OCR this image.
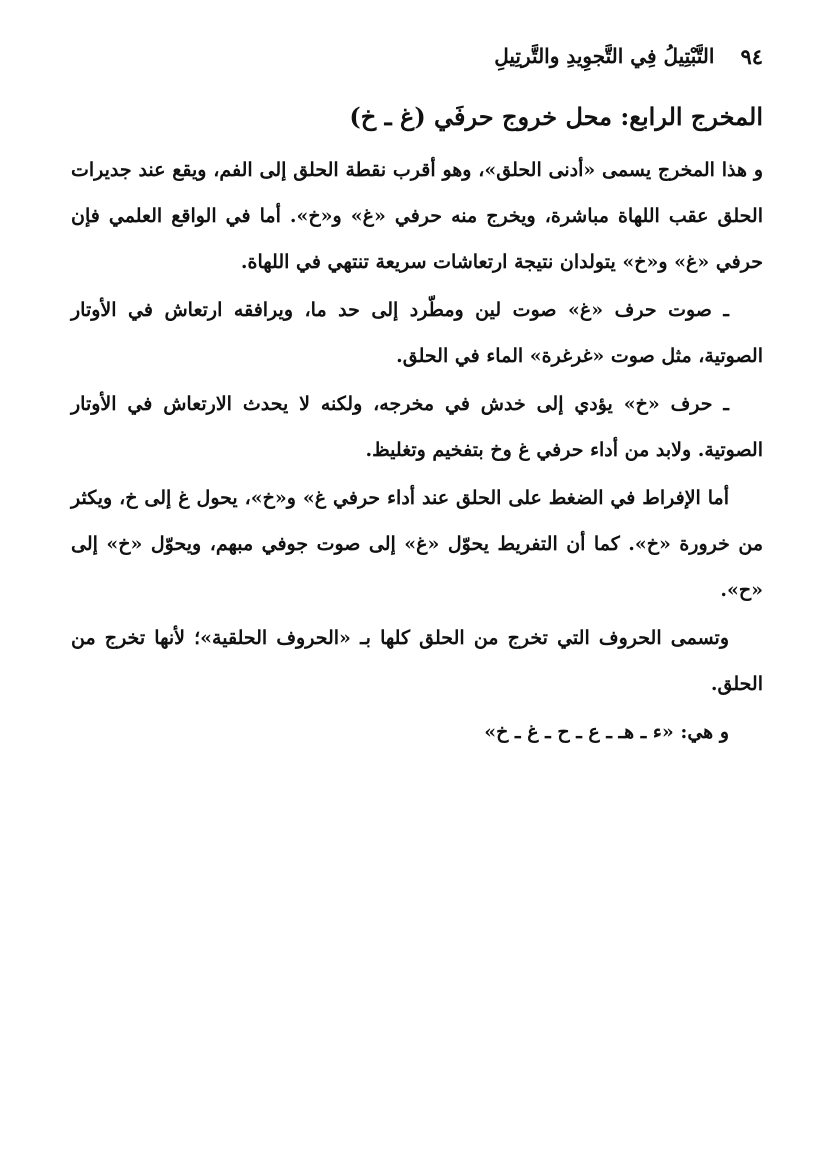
٩٤
التَّبْتِيلُ فِي التَّجوِيدِ والتَّرتِيلِ
المخرج الرابع: محل خروج حرفَي (غ ـ خ)

و هذا المخرج يسمى «أدنى الحلق»، وهو أقرب نقطة الحلق إلى الفم، ويقع عند جديرات الحلق عقب اللهاة مباشرة، ويخرج منه حرفي «غ» و«خ». أما في الواقع العلمي فإن حرفي «غ» و«خ» يتولدان نتيجة ارتعاشات سريعة تنتهي في اللهاة.

ـ صوت حرف «غ» صوت لين ومطّرد إلى حد ما، ويرافقه ارتعاش في الأوتار الصوتية، مثل صوت «غرغرة» الماء في الحلق.

ـ حرف «خ» يؤدي إلى خدش في مخرجه، ولكنه لا يحدث الارتعاش في الأوتار الصوتية. ولابد من أداء حرفي غ وخ بتفخيم وتغليظ.

أما الإفراط في الضغط على الحلق عند أداء حرفي غ» و«خ»، يحول غ إلى خ، ويكثر من خرورة «خ». كما أن التفريط يحوّل «غ» إلى صوت جوفي مبهم، ويحوّل «خ» إلى «ح».

وتسمى الحروف التي تخرج من الحلق كلها بـ «الحروف الحلقية»؛ لأنها تخرج من الحلق.

و هي: «ء ـ هـ ـ ع ـ ح ـ غ ـ خ»
